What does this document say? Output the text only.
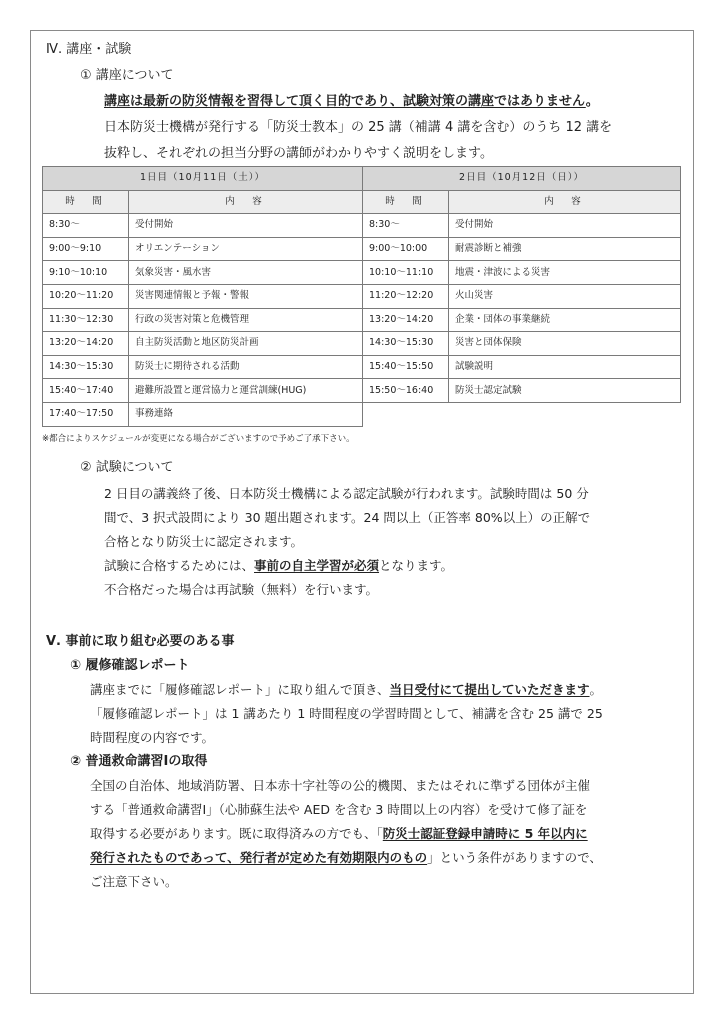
Ⅳ. 講座・試験
① 講座について
講座は最新の防災情報を習得して頂く目的であり、試験対策の講座ではありません。
日本防災士機構が発行する「防災士教本」の 25 講（補講 4 講を含む）のうち 12 講を
抜粋し、それぞれの担当分野の講師がわかりやすく説明をします。
1日目（10月11日（土））		2日目（10月12日（日））	
時　間	内　容	時　間	内　容
8:30～	受付開始	8:30～	受付開始
9:00～9:10	オリエンテーション	9:00～10:00	耐震診断と補強
9:10～10:10	気象災害・風水害	10:10～11:10	地震・津波による災害
10:20～11:20	災害関連情報と予報・警報	11:20～12:20	火山災害
11:30～12:30	行政の災害対策と危機管理	13:20～14:20	企業・団体の事業継続
13:20～14:20	自主防災活動と地区防災計画	14:30～15:30	災害と団体保険
14:30～15:30	防災士に期待される活動	15:40～15:50	試験説明
15:40～17:40	避難所設置と運営協力と運営訓練(HUG)	15:50～16:40	防災士認定試験
17:40～17:50	事務連絡		
※都合によりスケジュールが変更になる場合がございますので予めご了承下さい。
② 試験について
2 日目の講義終了後、日本防災士機構による認定試験が行われます。試験時間は 50 分
間で、3 択式設問により 30 題出題されます。24 問以上（正答率 80%以上）の正解で
合格となり防災士に認定されます。
試験に合格するためには、事前の自主学習が必須となります。
不合格だった場合は再試験（無料）を行います。
Ⅴ. 事前に取り組む必要のある事
① 履修確認レポート
講座までに「履修確認レポート」に取り組んで頂き、当日受付にて提出していただきます。
「履修確認レポート」は 1 講あたり 1 時間程度の学習時間として、補講を含む 25 講で 25
時間程度の内容です。
② 普通救命講習Ⅰの取得
全国の自治体、地域消防署、日本赤十字社等の公的機関、またはそれに準ずる団体が主催
する「普通救命講習Ⅰ」（心肺蘇生法や AED を含む 3 時間以上の内容）を受けて修了証を
取得する必要があります。既に取得済みの方でも、「防災士認証登録申請時に 5 年以内に
発行されたものであって、発行者が定めた有効期限内のもの」という条件がありますので、
ご注意下さい。
